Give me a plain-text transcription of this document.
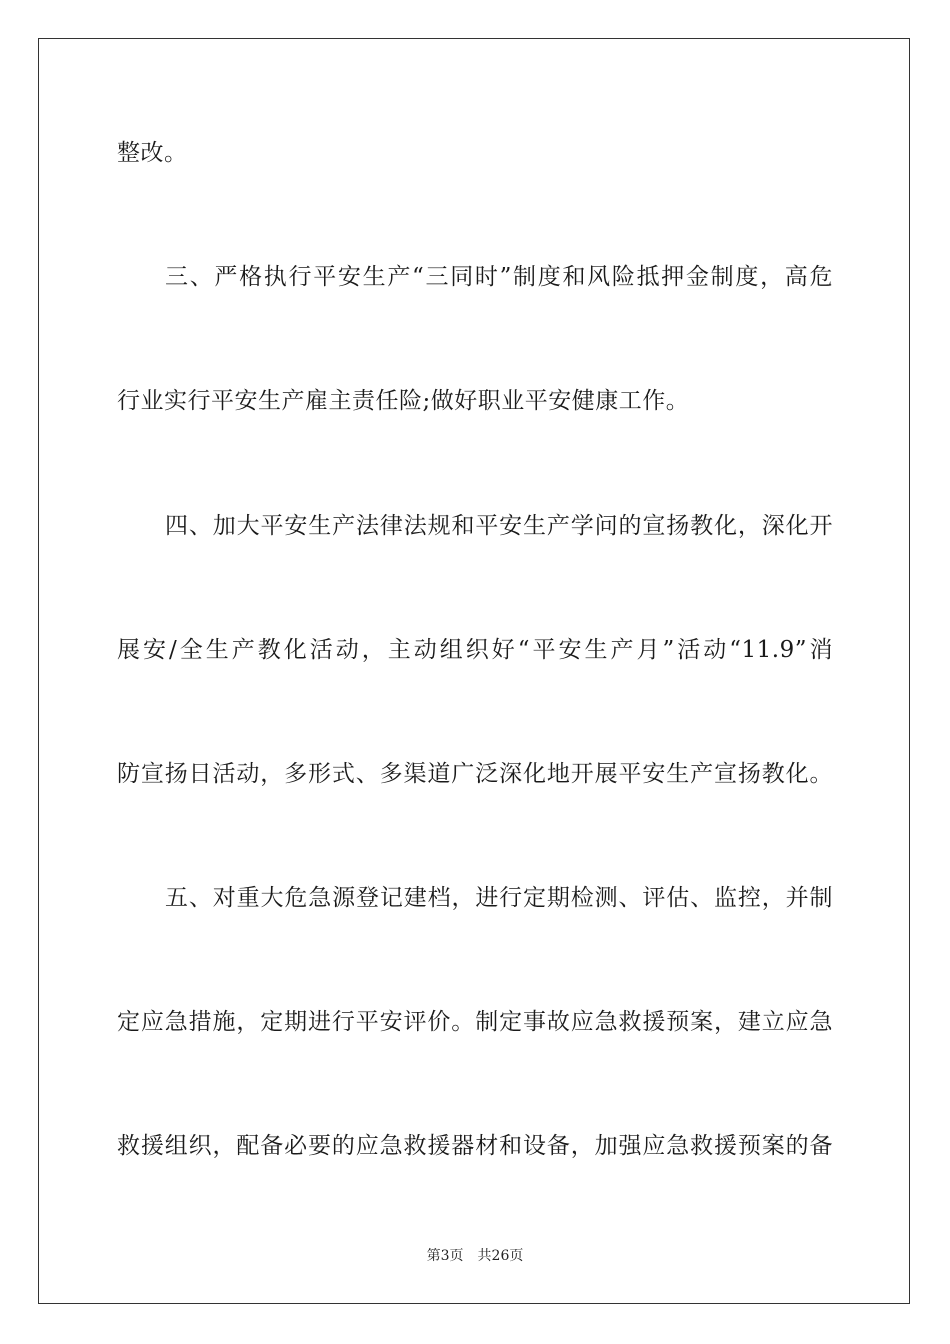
整改。
三、严格执行平安生产“三同时”制度和风险抵押金制度，高危
行业实行平安生产雇主责任险;做好职业平安健康工作。
四、加大平安生产法律法规和平安生产学问的宣扬教化，深化开
展安/全生产教化活动，主动组织好“平安生产月”活动“11.9”消
防宣扬日活动，多形式、多渠道广泛深化地开展平安生产宣扬教化。
五、对重大危急源登记建档，进行定期检测、评估、监控，并制
定应急措施，定期进行平安评价。制定事故应急救援预案，建立应急
救援组织，配备必要的应急救援器材和设备，加强应急救援预案的备
第3页 共26页
